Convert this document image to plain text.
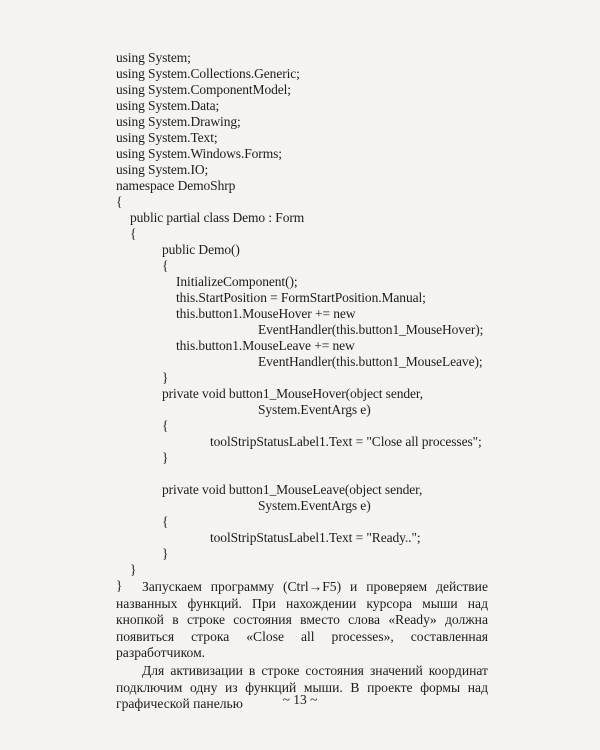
using System;
using System.Collections.Generic;
using System.ComponentModel;
using System.Data;
using System.Drawing;
using System.Text;
using System.Windows.Forms;
using System.IO;
namespace DemoShrp
{
public partial class Demo : Form
{
public Demo()
{
InitializeComponent();
this.StartPosition = FormStartPosition.Manual;
this.button1.MouseHover += new
EventHandler(this.button1_MouseHover);
this.button1.MouseLeave += new
EventHandler(this.button1_MouseLeave);
}
private void button1_MouseHover(object sender,
System.EventArgs e)
{
toolStripStatusLabel1.Text = "Close all processes";
}
private void button1_MouseLeave(object sender,
System.EventArgs e)
{
toolStripStatusLabel1.Text = "Ready..";
}
}
}	Запускаем программу (Ctrl→F5) и проверяем действие названных функций. При нахождении курсора мыши над кнопкой в строке состояния вместо слова «Ready» должна появиться строка «Close all processes», составленная разработчиком.

Для активизации в строке состояния значений координат подключим одну из функций мыши. В проекте формы над графической панелью	~ 13 ~
